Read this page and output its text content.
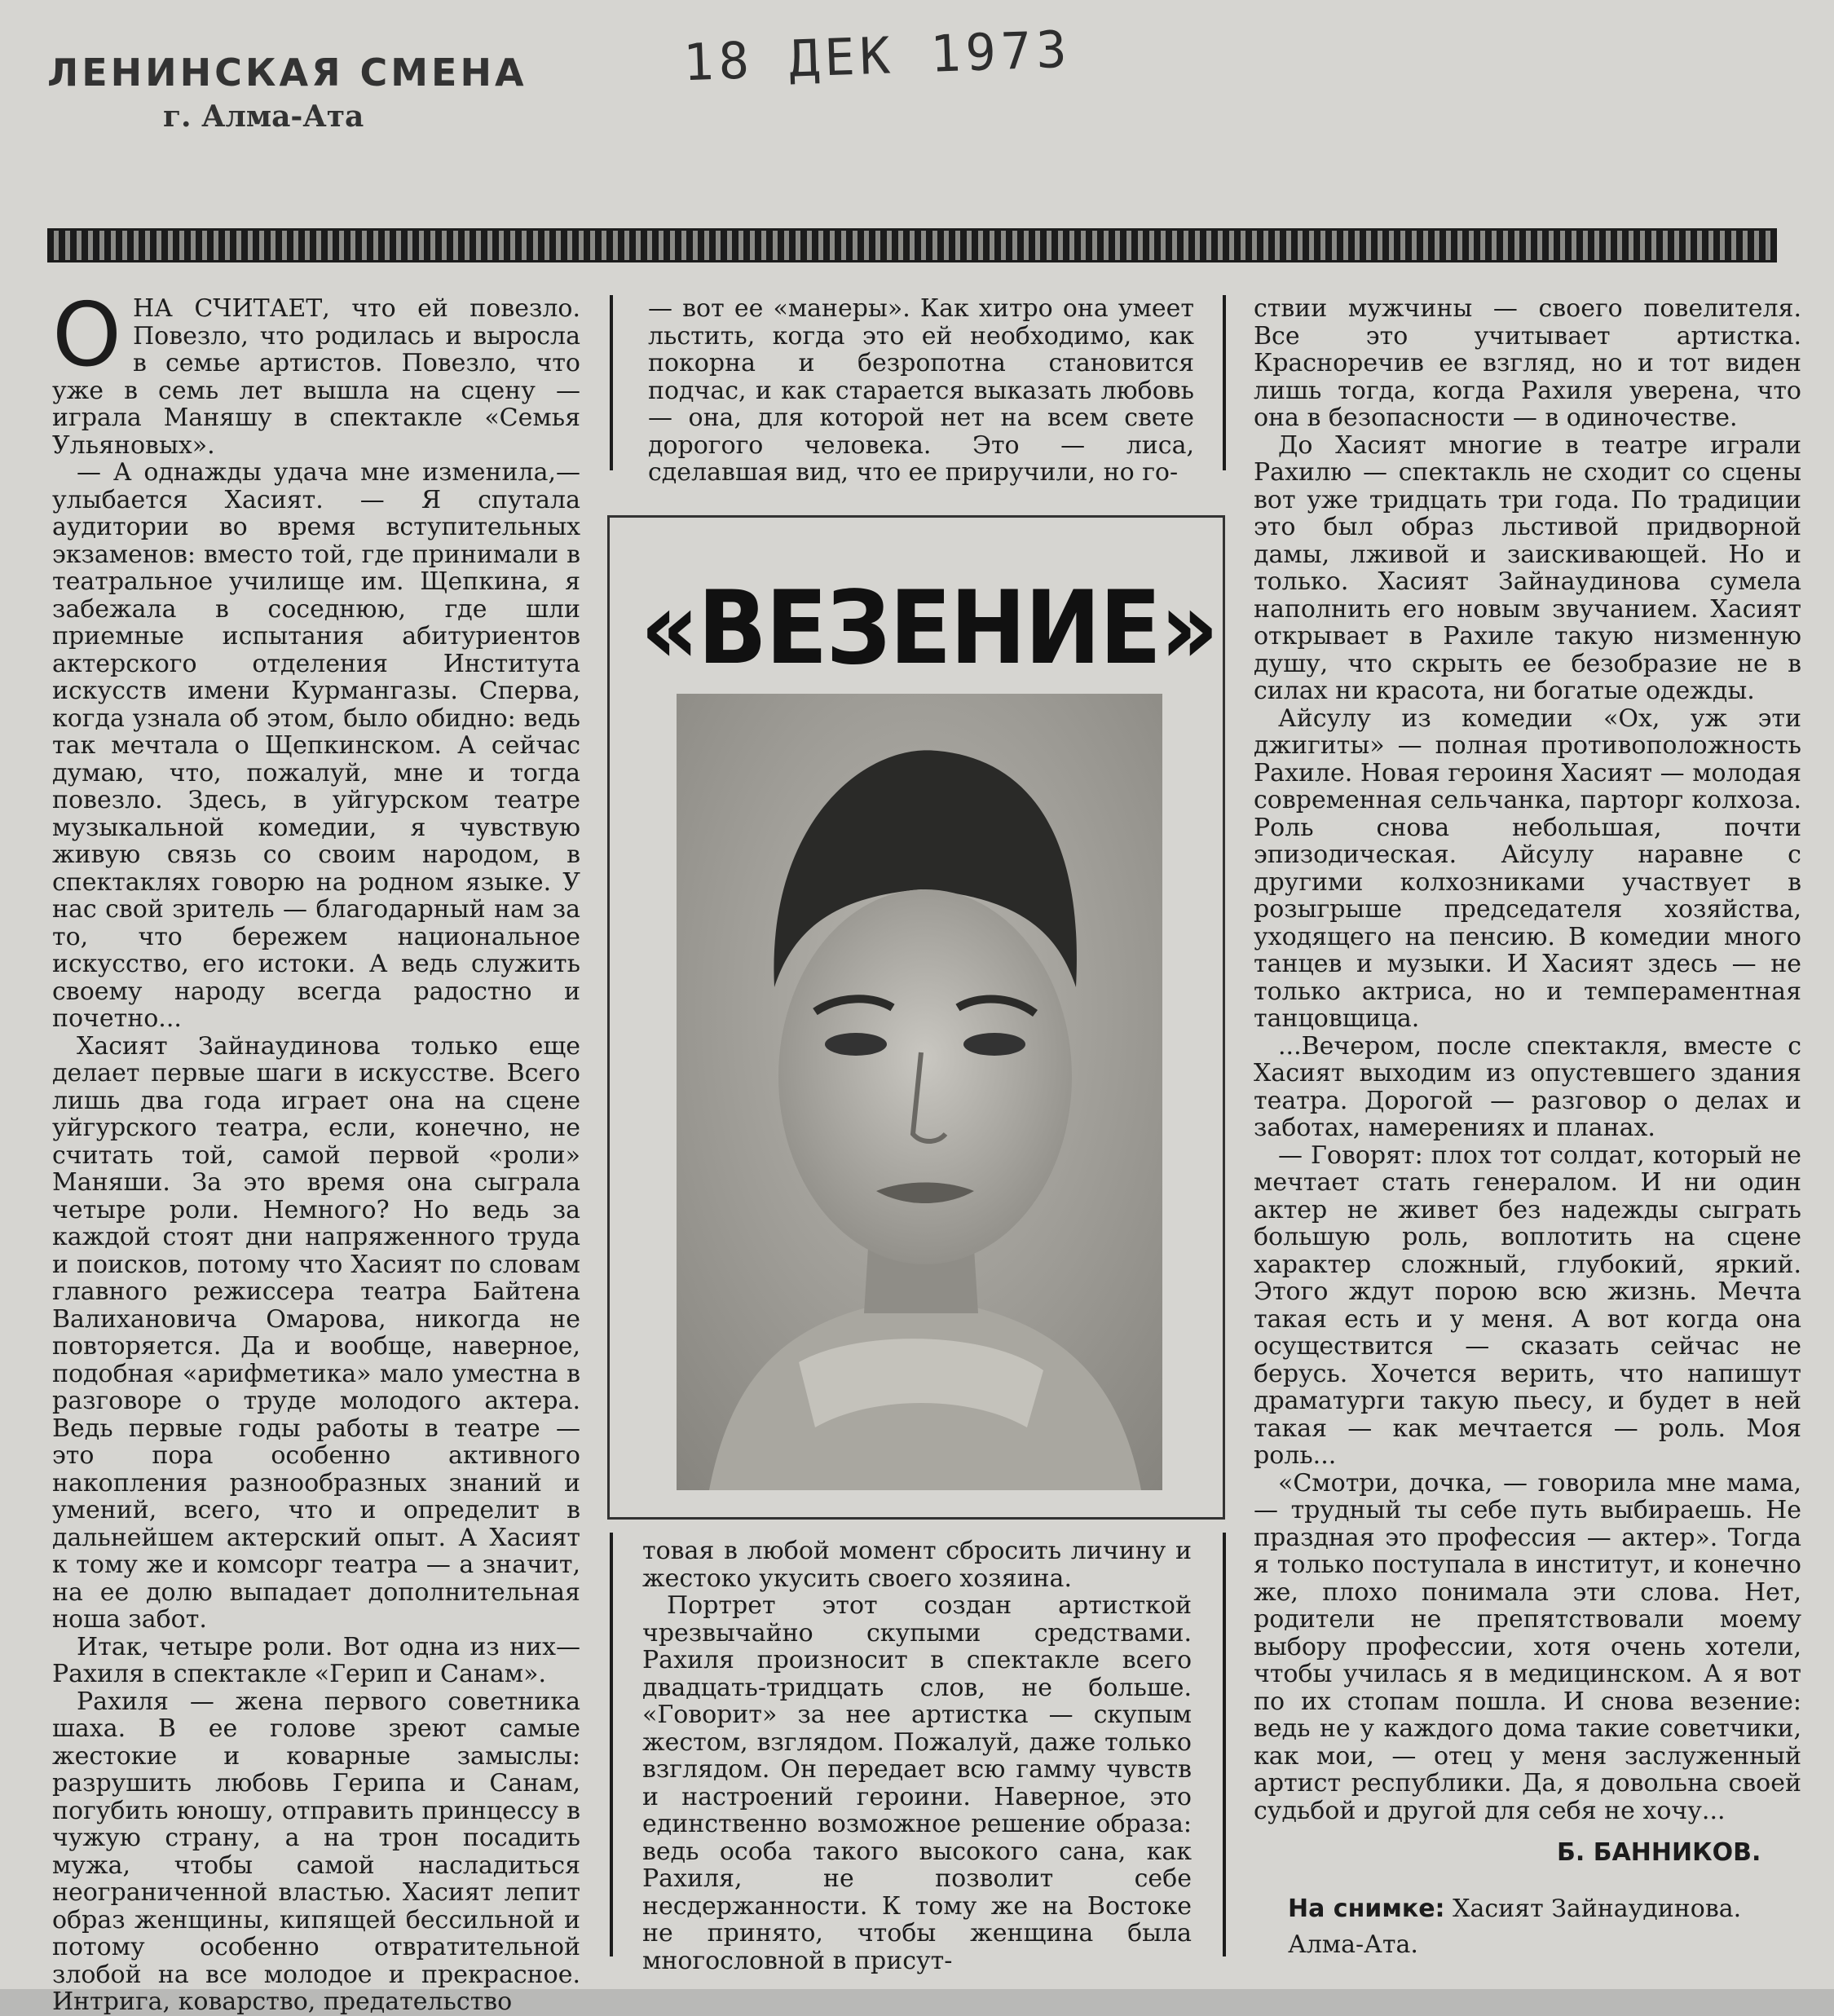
ЛЕНИНСКАЯ СМЕНА
г. Алма-Ата
18 ДЕК 1973
О НА СЧИТАЕТ, что ей повезло. Повезло, что родилась и выросла в семье артистов. Повезло, что уже в семь лет вышла на сцену — играла Маняшу в спектакле «Семья Ульяновых».

— А однажды удача мне изменила,— улыбается Хасият. — Я спутала аудитории во время вступительных экзаменов: вместо той, где принимали в театральное училище им. Щепкина, я забежала в соседнюю, где шли приемные испытания абитуриентов актерского отделения Института искусств имени Курмангазы. Сперва, когда узнала об этом, было обидно: ведь так мечтала о Щепкинском. А сейчас думаю, что, пожалуй, мне и тогда повезло. Здесь, в уйгурском театре музыкальной комедии, я чувствую живую связь со своим народом, в спектаклях говорю на родном языке. У нас свой зритель — благодарный нам за то, что бережем национальное искусство, его истоки. А ведь служить своему народу всегда радостно и почетно...

Хасият Зайнаудинова только еще делает первые шаги в искусстве. Всего лишь два года играет она на сцене уйгурского театра, если, конечно, не считать той, самой первой «роли» Маняши. За это время она сыграла четыре роли. Немного? Но ведь за каждой стоят дни напряженного труда и поисков, потому что Хасият по словам главного режиссера театра Байтена Валихановича Омарова, никогда не повторяется. Да и вообще, наверное, подобная «арифметика» мало уместна в разговоре о труде молодого актера. Ведь первые годы работы в театре — это пора особенно активного накопления разнообразных знаний и умений, всего, что и определит в дальнейшем актерский опыт. А Хасият к тому же и комсорг театра — а значит, на ее долю выпадает дополнительная ноша забот.

Итак, четыре роли. Вот одна из них— Рахиля в спектакле «Герип и Санам».

Рахиля — жена первого советника шаха. В ее голове зреют самые жестокие и коварные замыслы: разрушить любовь Герипа и Санам, погубить юношу, отправить принцессу в чужую страну, а на трон посадить мужа, чтобы самой насладиться неограниченной властью. Хасият лепит образ женщины, кипящей бессильной и потому особенно отвратительной злобой на все молодое и прекрасное. Интрига, коварство, предательство

— вот ее «манеры». Как хитро она умеет льстить, когда это ей необходимо, как покорна и безропотна становится подчас, и как старается выказать любовь — она, для которой нет на всем свете дорогого человека. Это — лиса, сделавшая вид, что ее приручили, но го-

«ВЕЗЕНИЕ»

товая в любой момент сбросить личину и жестоко укусить своего хозяина.

Портрет этот создан артисткой чрезвычайно скупыми средствами. Рахиля произносит в спектакле всего двадцать-тридцать слов, не больше. «Говорит» за нее артистка — скупым жестом, взглядом. Пожалуй, даже только взглядом. Он передает всю гамму чувств и настроений героини. Наверное, это единственно возможное решение образа: ведь особа такого высокого сана, как Рахиля, не позволит себе несдержанности. К тому же на Востоке не принято, чтобы женщина была многословной в присут-

ствии мужчины — своего повелителя. Все это учитывает артистка. Красноречив ее взгляд, но и тот виден лишь тогда, когда Рахиля уверена, что она в безопасности — в одиночестве.

До Хасият многие в театре играли Рахилю — спектакль не сходит со сцены вот уже тридцать три года. По традиции это был образ льстивой придворной дамы, лживой и заискивающей. Но и только. Хасият Зайнаудинова сумела наполнить его новым звучанием. Хасият открывает в Рахиле такую низменную душу, что скрыть ее безобразие не в силах ни красота, ни богатые одежды.

Айсулу из комедии «Ох, уж эти джигиты» — полная противоположность Рахиле. Новая героиня Хасият — молодая современная сельчанка, парторг колхоза. Роль снова небольшая, почти эпизодическая. Айсулу наравне с другими колхозниками участвует в розыгрыше председателя хозяйства, уходящего на пенсию. В комедии много танцев и музыки. И Хасият здесь — не только актриса, но и темпераментная танцовщица.

...Вечером, после спектакля, вместе с Хасият выходим из опустевшего здания театра. Дорогой — разговор о делах и заботах, намерениях и планах.

— Говорят: плох тот солдат, который не мечтает стать генералом. И ни один актер не живет без надежды сыграть большую роль, воплотить на сцене характер сложный, глубокий, яркий. Этого ждут порою всю жизнь. Мечта такая есть и у меня. А вот когда она осуществится — сказать сейчас не берусь. Хочется верить, что напишут драматурги такую пьесу, и будет в ней такая — как мечтается — роль. Моя роль...

«Смотри, дочка, — говорила мне мама, — трудный ты себе путь выбираешь. Не праздная это профессия — актер». Тогда я только поступала в институт, и конечно же, плохо понимала эти слова. Нет, родители не препятствовали моему выбору профессии, хотя очень хотели, чтобы училась я в медицинском. А я вот по их стопам пошла. И снова везение: ведь не у каждого дома такие советчики, как мои, — отец у меня заслуженный артист республики. Да, я довольна своей судьбой и другой для себя не хочу...

Б. БАННИКОВ.
На снимке: Хасият Зайнаудинова. Алма-Ата.
